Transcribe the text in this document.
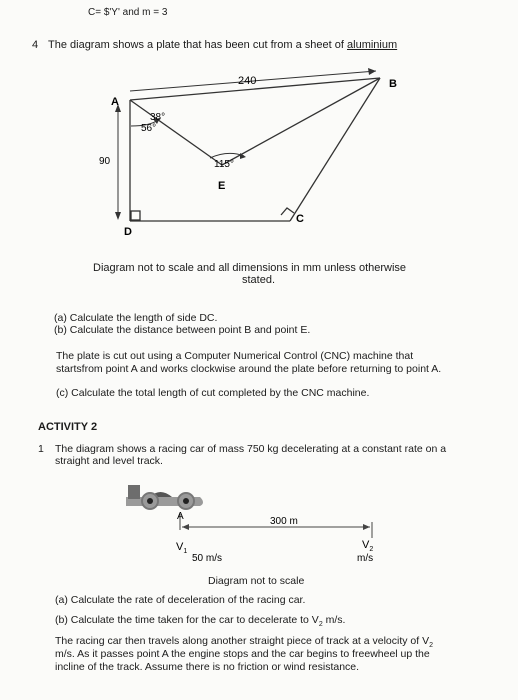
C= $'Y' and m = 3
4 The diagram shows a plate that has been cut from a sheet of aluminium
240	B
A
38°
56°
90	115°
E
C
D
Diagram not to scale and all dimensions in mm unless otherwise
stated.
(a) Calculate the length of side DC.
(b) Calculate the distance between point B and point E.
The plate is cut out using a Computer Numerical Control (CNC) machine that
startsfrom point A and works clockwise around the plate before returning to point A.
(c) Calculate the total length of cut completed by the CNC machine.
ACTIVITY 2
1 The diagram shows a racing car of mass 750 kg decelerating at a constant rate on a
straight and level track.
A	300 m
$V_1$
$V_2$
50 m/s	m/s
Diagram not to scale
(a) Calculate the rate of deceleration of the racing car.
(b) Calculate the time taken for the car to decelerate to $V_2$ m/s.
The racing car then travels along another straight piece of track at a velocity of $V_2$
m/s. As it passes point A the engine stops and the car begins to freewheel up the
incline of the track. Assume there is no friction or wind resistance.
